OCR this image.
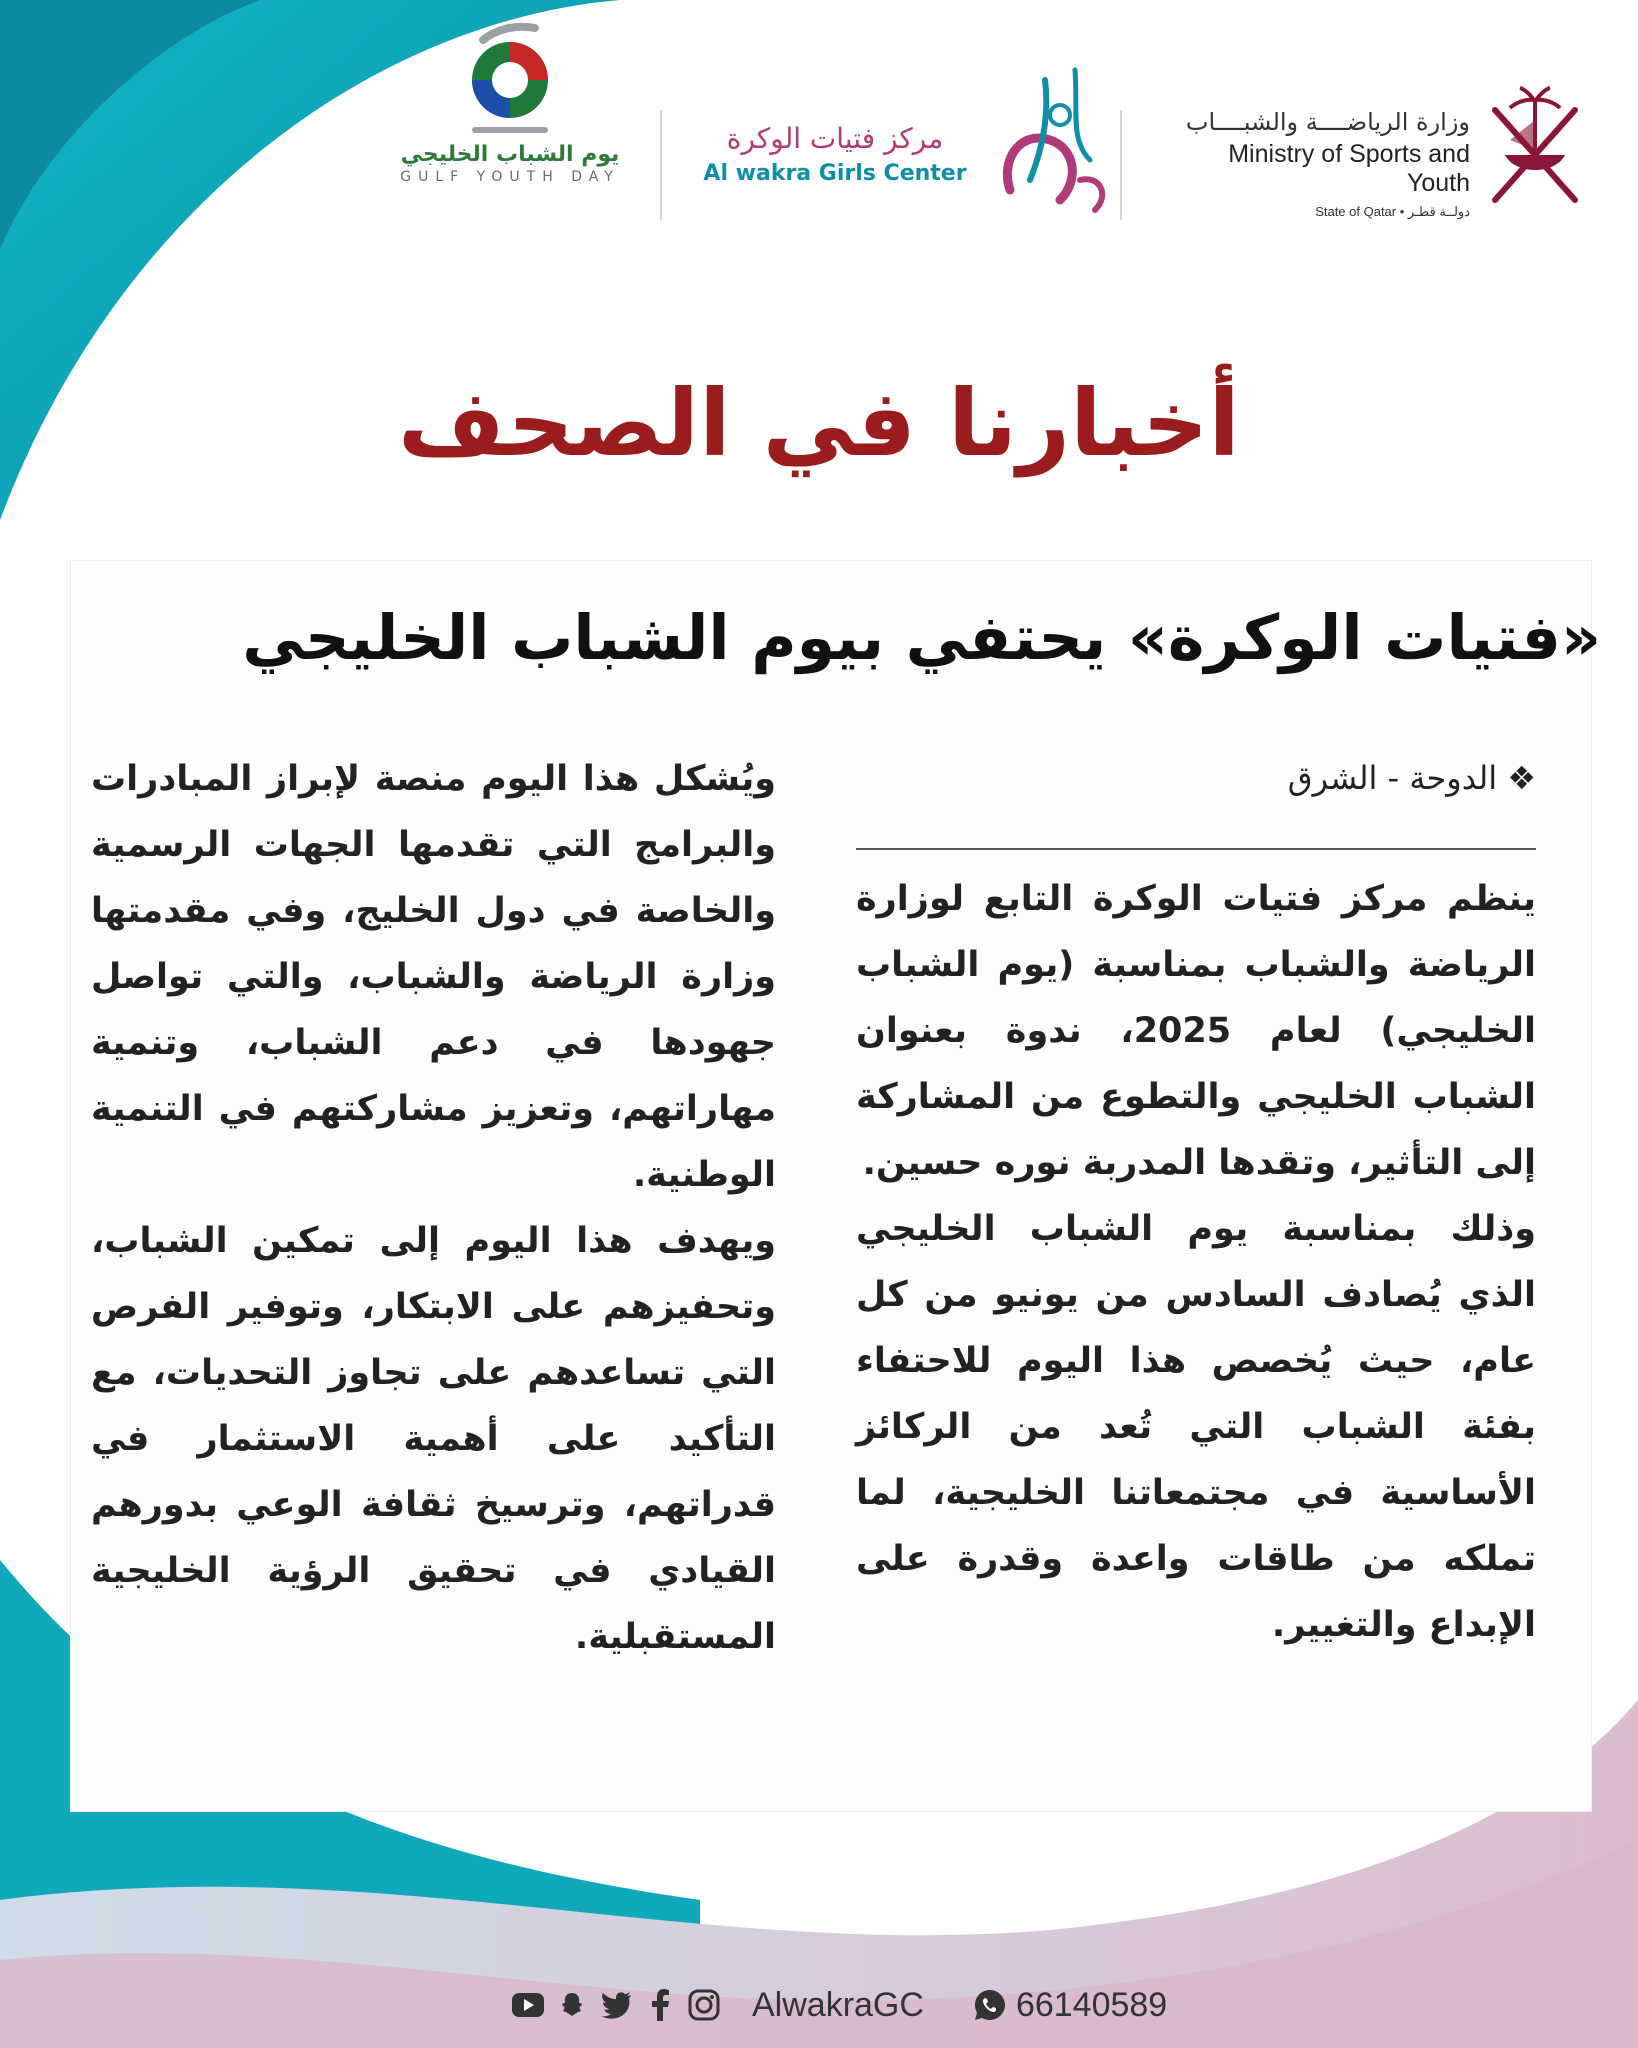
يوم الشباب الخليجي
GULF YOUTH DAY
مركز فتيات الوكرة
Al wakra Girls Center
وزارة الرياضــــة والشبــــاب
Ministry of Sports and Youth
State of Qatar • دولــة قطـر
أخبارنا في الصحف
«فتيات الوكرة» يحتفي بيوم الشباب الخليجي
❖ الدوحة - الشرق

ينظم مركز فتيات الوكرة التابع لوزارة الرياضة والشباب بمناسبة (يوم الشباب الخليجي) لعام 2025، ندوة بعنوان الشباب الخليجي والتطوع من المشاركة إلى التأثير، وتقدها المدربة نوره حسين.

وذلك بمناسبة يوم الشباب الخليجي الذي يُصادف السادس من يونيو من كل عام، حيث يُخصص هذا اليوم للاحتفاء بفئة الشباب التي تُعد من الركائز الأساسية في مجتمعاتنا الخليجية، لما تملكه من طاقات واعدة وقدرة على الإبداع والتغيير.

ويُشكل هذا اليوم منصة لإبراز المبادرات والبرامج التي تقدمها الجهات الرسمية والخاصة في دول الخليج، وفي مقدمتها وزارة الرياضة والشباب، والتي تواصل جهودها في دعم الشباب، وتنمية مهاراتهم، وتعزيز مشاركتهم في التنمية الوطنية.

ويهدف هذا اليوم إلى تمكين الشباب، وتحفيزهم على الابتكار، وتوفير الفرص التي تساعدهم على تجاوز التحديات، مع التأكيد على أهمية الاستثمار في قدراتهم، وترسيخ ثقافة الوعي بدورهم القيادي في تحقيق الرؤية الخليجية المستقبلية.

AlwakraGC	66140589
